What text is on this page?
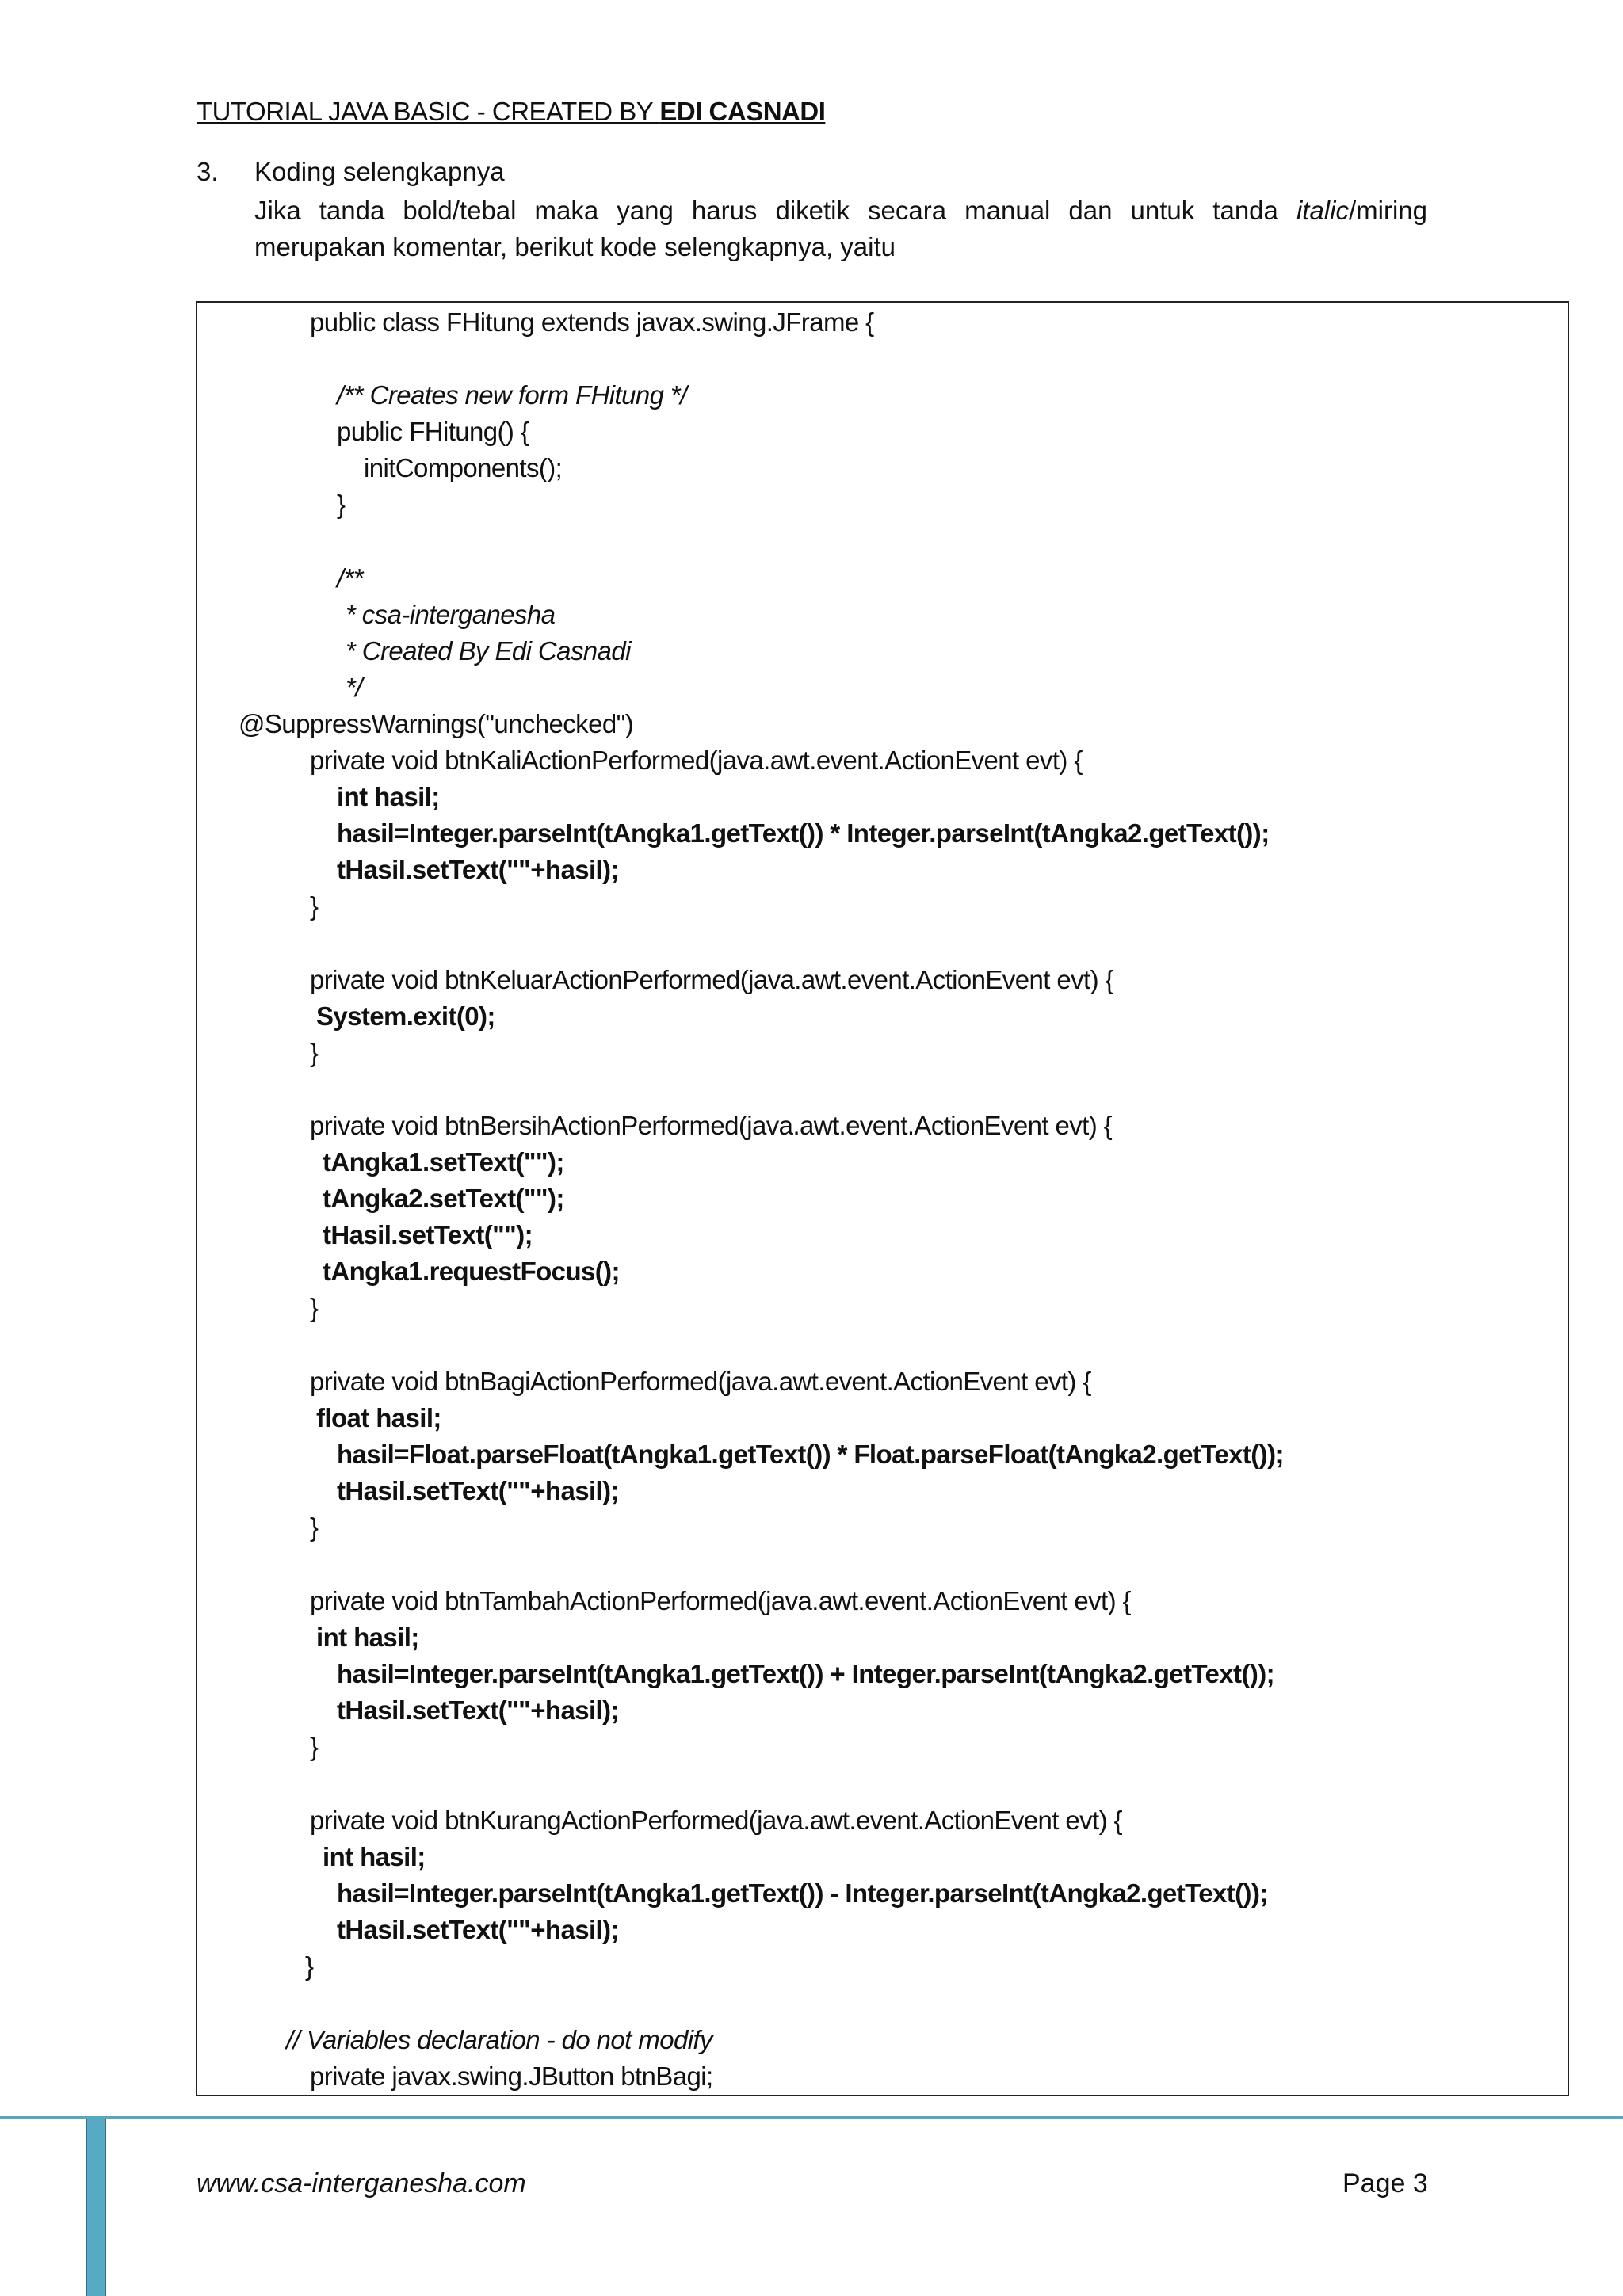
TUTORIAL JAVA BASIC - CREATED BY EDI CASNADI
3. Koding selengkapnya
Jika tanda bold/tebal maka yang harus diketik secara manual dan untuk tanda italic/miring merupakan komentar, berikut kode selengkapnya, yaitu
public class FHitung extends javax.swing.JFrame {
/** Creates new form FHitung */
public FHitung() {
initComponents();
}
/**
* csa-interganesha
* Created By Edi Casnadi
*/
@SuppressWarnings("unchecked")
private void btnKaliActionPerformed(java.awt.event.ActionEvent evt) {
int hasil;
hasil=Integer.parseInt(tAngka1.getText()) * Integer.parseInt(tAngka2.getText());
tHasil.setText(""+hasil);
}
private void btnKeluarActionPerformed(java.awt.event.ActionEvent evt) {
System.exit(0);
}
private void btnBersihActionPerformed(java.awt.event.ActionEvent evt) {
tAngka1.setText("");
tAngka2.setText("");
tHasil.setText("");
tAngka1.requestFocus();
}
private void btnBagiActionPerformed(java.awt.event.ActionEvent evt) {
float hasil;
hasil=Float.parseFloat(tAngka1.getText()) * Float.parseFloat(tAngka2.getText());
tHasil.setText(""+hasil);
}
private void btnTambahActionPerformed(java.awt.event.ActionEvent evt) {
int hasil;
hasil=Integer.parseInt(tAngka1.getText()) + Integer.parseInt(tAngka2.getText());
tHasil.setText(""+hasil);
}
private void btnKurangActionPerformed(java.awt.event.ActionEvent evt) {
int hasil;
hasil=Integer.parseInt(tAngka1.getText()) - Integer.parseInt(tAngka2.getText());
tHasil.setText(""+hasil);
}
// Variables declaration - do not modify
private javax.swing.JButton btnBagi;
www.csa-interganesha.com	Page 3
